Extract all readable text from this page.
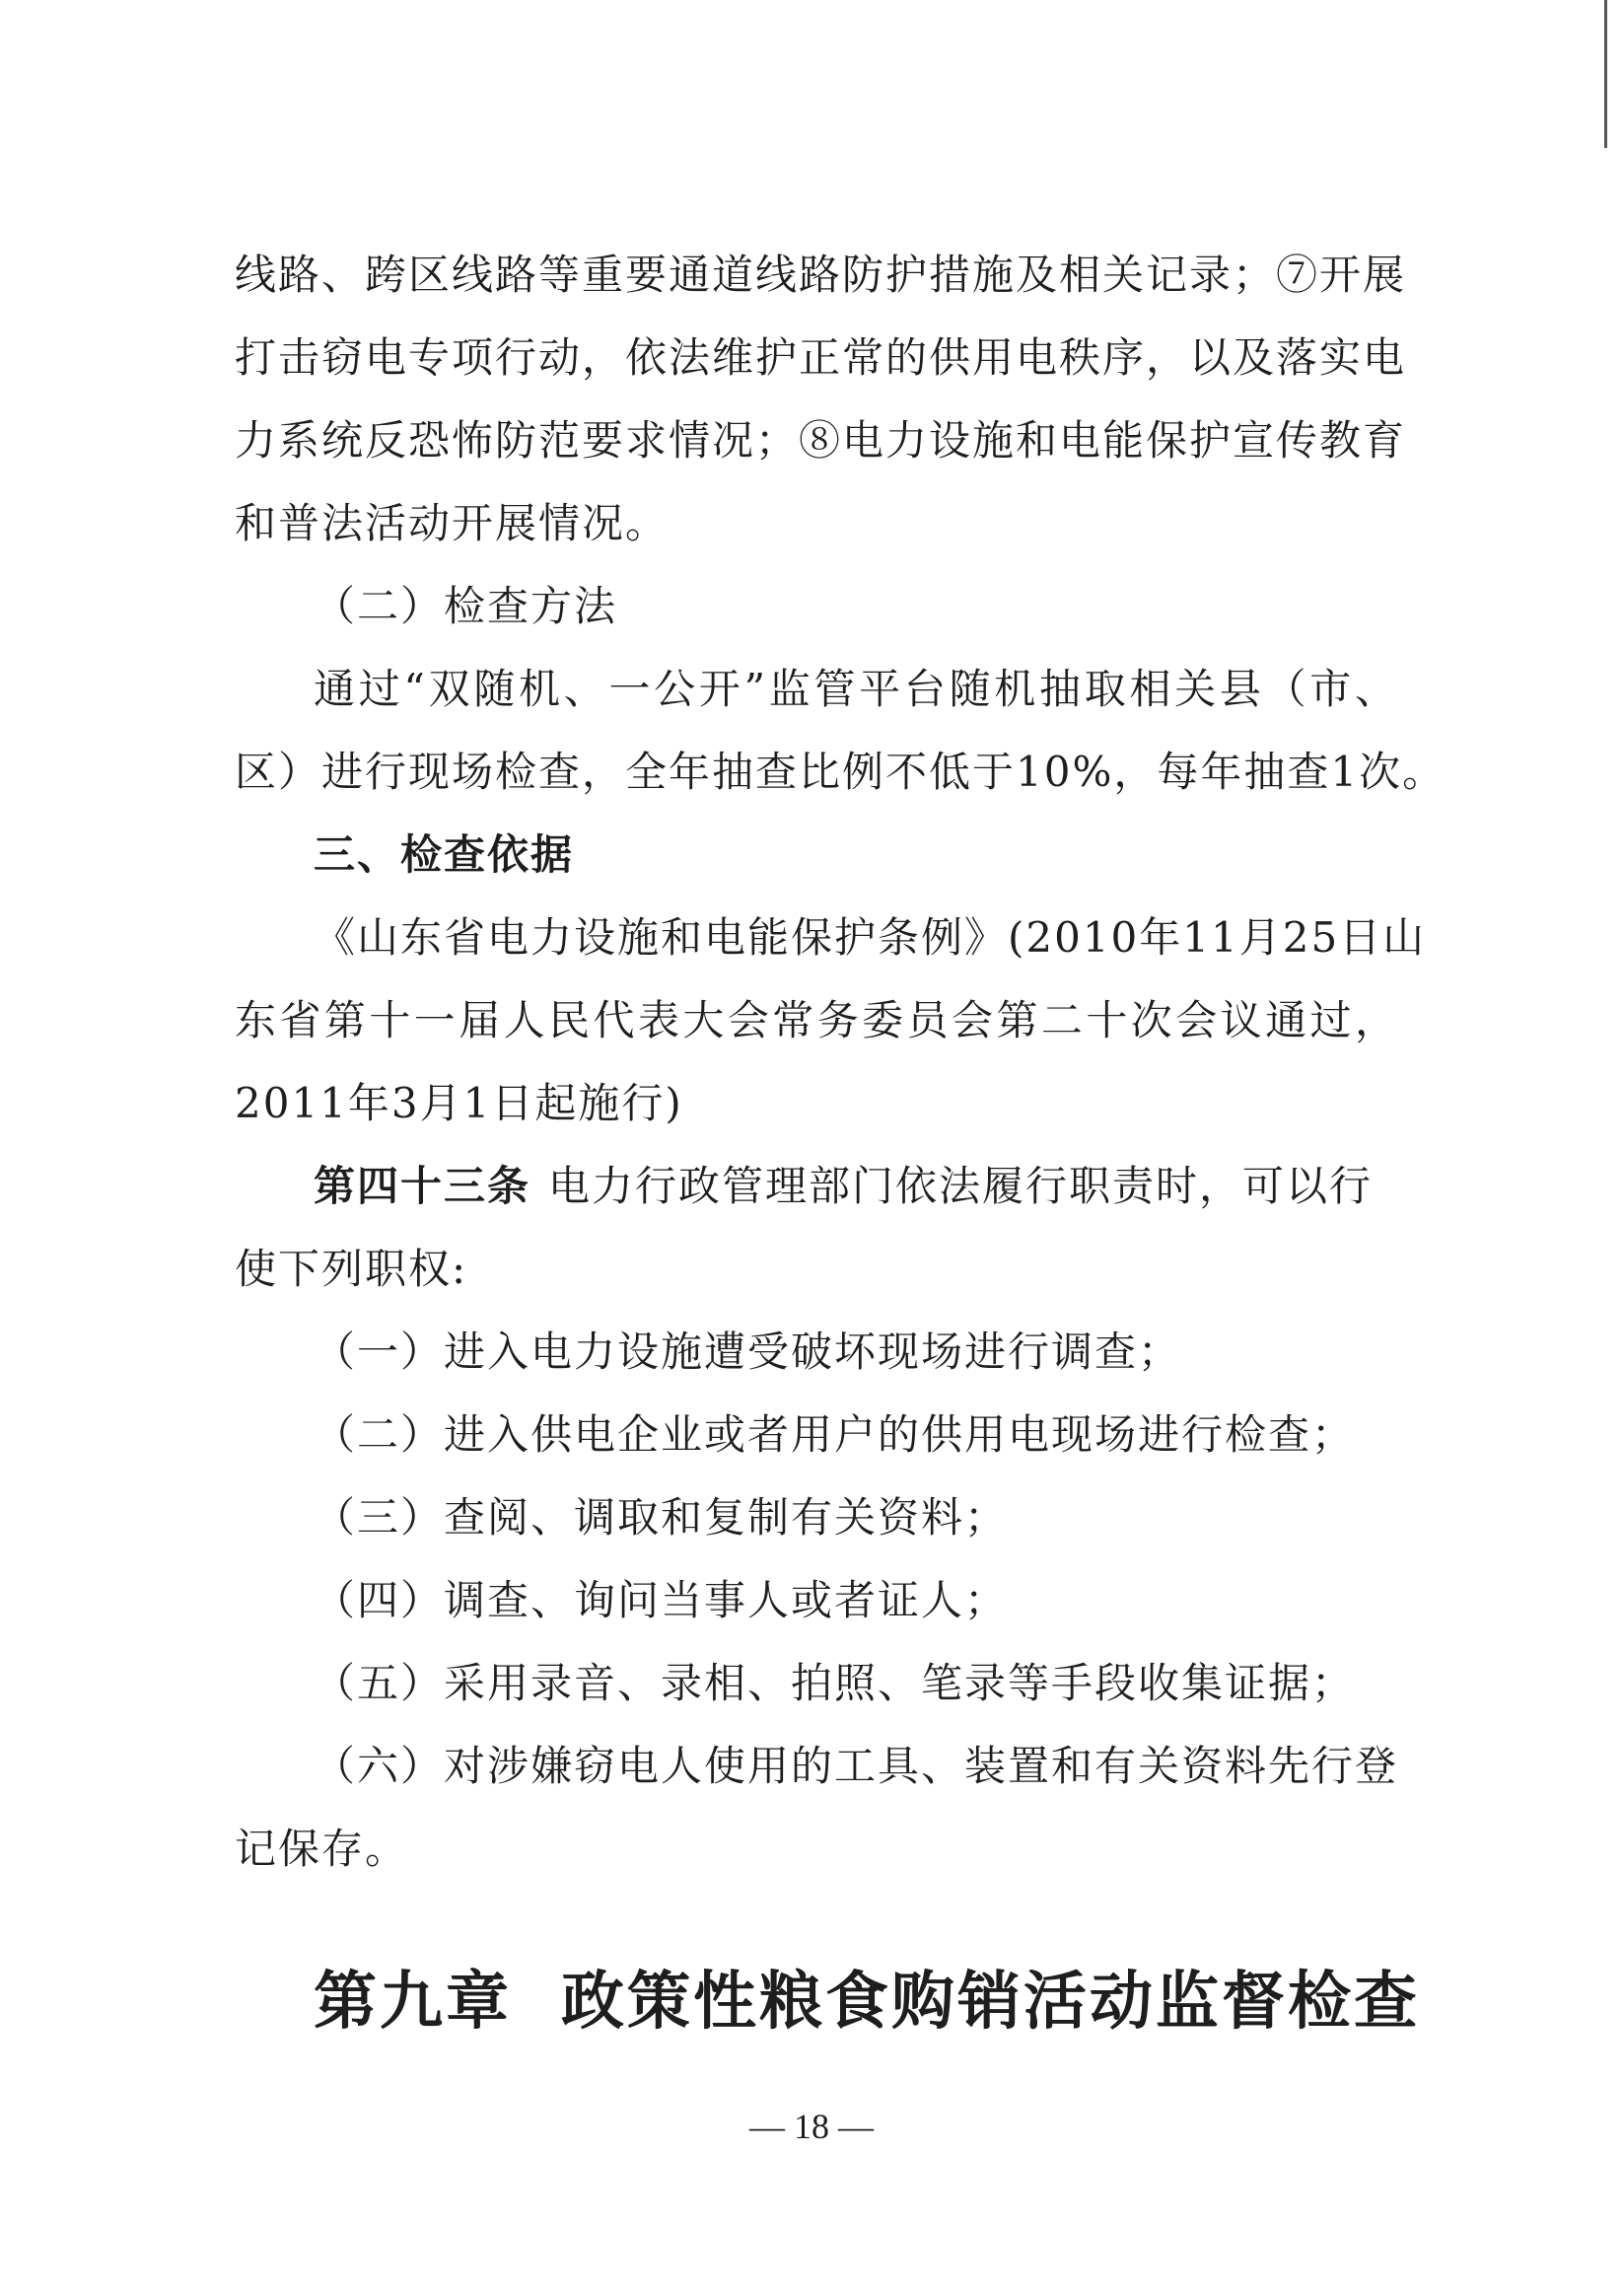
线路、跨区线路等重要通道线路防护措施及相关记录；⑦开展
打击窃电专项行动，依法维护正常的供用电秩序，以及落实电
力系统反恐怖防范要求情况；⑧电力设施和电能保护宣传教育
和普法活动开展情况。
（二）检查方法
通过“双随机、一公开”监管平台随机抽取相关县（市、
区）进行现场检查，全年抽查比例不低于10%，每年抽查1次。
三、检查依据
《山东省电力设施和电能保护条例》(2010年11月25日山
东省第十一届人民代表大会常务委员会第二十次会议通过，
2011年3月1日起施行)
第四十三条 电力行政管理部门依法履行职责时，可以行
使下列职权:
（一）进入电力设施遭受破坏现场进行调查；
（二）进入供电企业或者用户的供用电现场进行检查；
（三）查阅、调取和复制有关资料；
（四）调查、询问当事人或者证人；
（五）采用录音、录相、拍照、笔录等手段收集证据；
（六）对涉嫌窃电人使用的工具、装置和有关资料先行登
记保存。
第九章 政策性粮食购销活动监督检查
— 18 —
